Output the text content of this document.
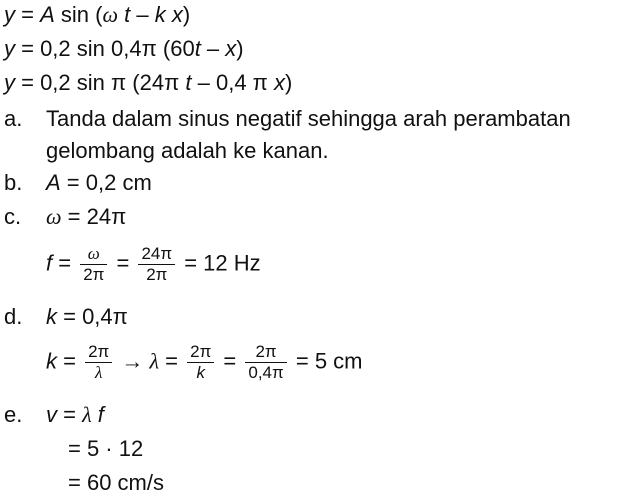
y = A sin (ω t – k x)
y = 0,2 sin 0,4π (60t – x)
y = 0,2 sin π (24π t – 0,4 π x)
a. Tanda dalam sinus negatif sehingga arah perambatan
gelombang adalah ke kanan.
b. A = 0,2 cm
c. ω = 24π
$f = \frac{\omega}{2\pi} = \frac{24\pi}{2\pi} = 12$ Hz
d. k = 0,4π
$k = \frac{2\pi}{\lambda} \to \lambda = \frac{2\pi}{k} = \frac{2\pi}{0,4\pi} = 5$ cm
e. v = λ f
= 5 · 12
= 60 cm/s
